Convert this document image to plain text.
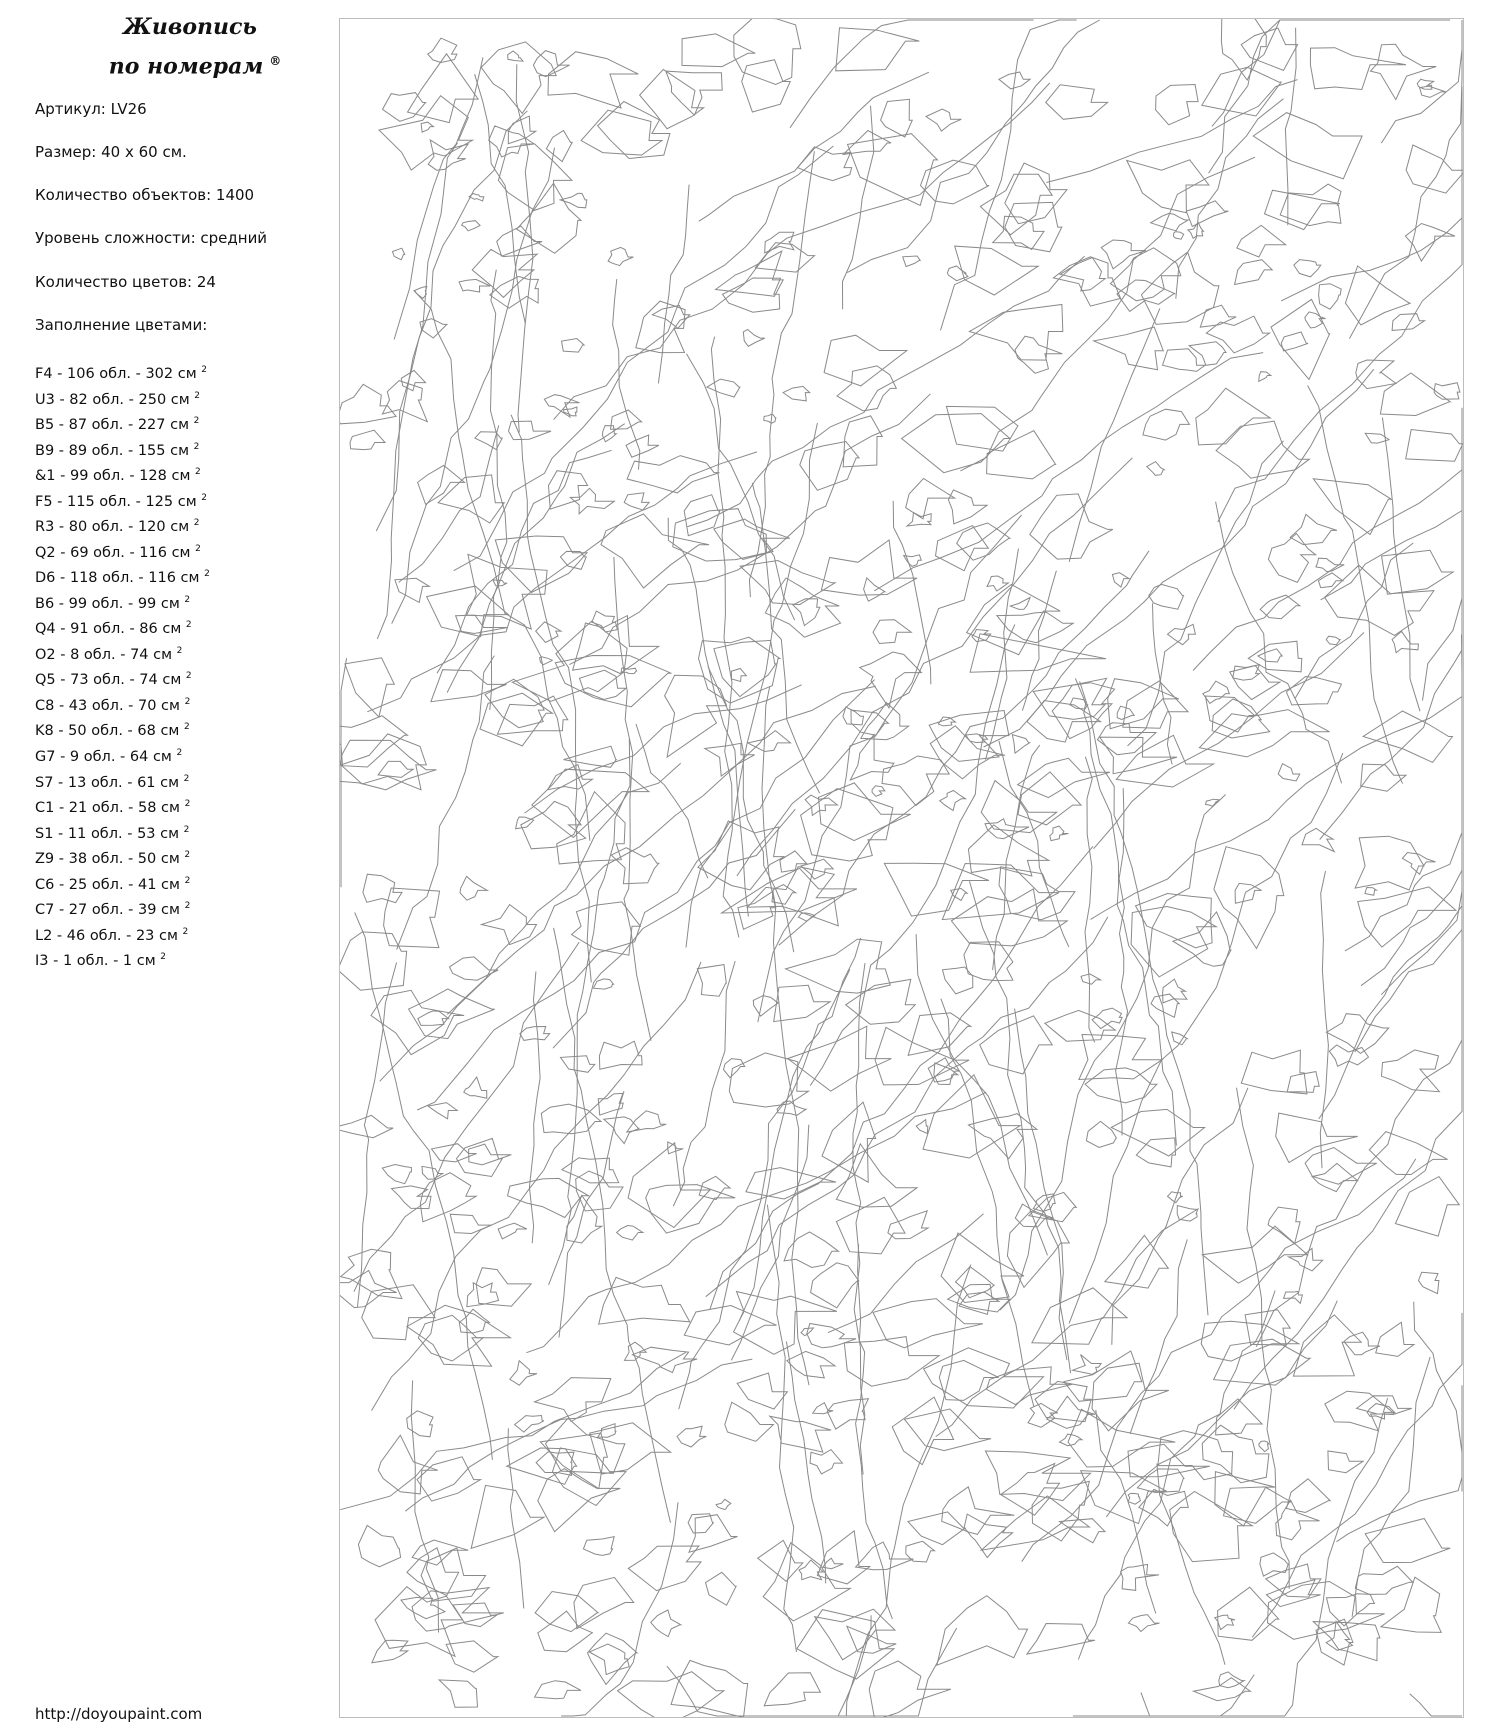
Живопись
по номерам ®
Артикул: LV26
Размер: 40 х 60 см.
Количество объектов: 1400
Уровень сложности: средний
Количество цветов: 24
Заполнение цветами:
F4 - 106 обл. - 302 см $^2$
U3 - 82 обл. - 250 см $^2$
B5 - 87 обл. - 227 см $^2$
B9 - 89 обл. - 155 см $^2$
&1 - 99 обл. - 128 см $^2$
F5 - 115 обл. - 125 см $^2$
R3 - 80 обл. - 120 см $^2$
Q2 - 69 обл. - 116 см $^2$
D6 - 118 обл. - 116 см $^2$
B6 - 99 обл. - 99 см $^2$
Q4 - 91 обл. - 86 см $^2$
O2 - 8 обл. - 74 см $^2$
Q5 - 73 обл. - 74 см $^2$
C8 - 43 обл. - 70 см $^2$
K8 - 50 обл. - 68 см $^2$
G7 - 9 обл. - 64 см $^2$
S7 - 13 обл. - 61 см $^2$
C1 - 21 обл. - 58 см $^2$
S1 - 11 обл. - 53 см $^2$
Z9 - 38 обл. - 50 см $^2$
C6 - 25 обл. - 41 см $^2$
C7 - 27 обл. - 39 см $^2$
L2 - 46 обл. - 23 см $^2$
I3 - 1 обл. - 1 см $^2$
http://doyoupaint.com
